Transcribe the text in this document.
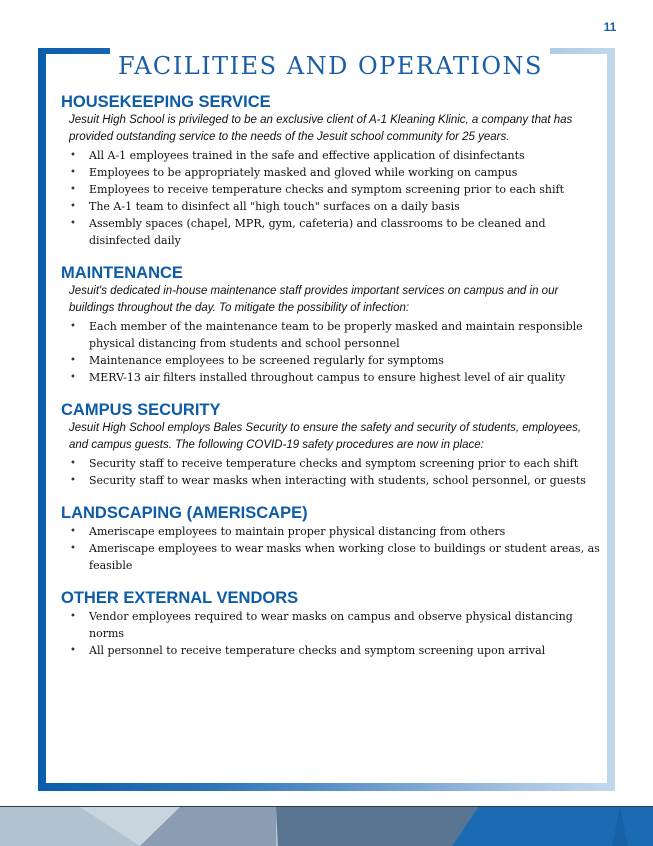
11
FACILITIES AND OPERATIONS
HOUSEKEEPING SERVICE

Jesuit High School is privileged to be an exclusive client of A-1 Kleaning Klinic, a company that has provided outstanding service to the needs of the Jesuit school community for 25 years.

• All A-1 employees trained in the safe and effective application of disinfectants
• Employees to be appropriately masked and gloved while working on campus
• Employees to receive temperature checks and symptom screening prior to each shift
• The A-1 team to disinfect all "high touch" surfaces on a daily basis
• Assembly spaces (chapel, MPR, gym, cafeteria) and classrooms to be cleaned and disinfected daily
MAINTENANCE

Jesuit's dedicated in-house maintenance staff provides important services on campus and in our buildings throughout the day. To mitigate the possibility of infection:

• Each member of the maintenance team to be properly masked and maintain responsible physical distancing from students and school personnel
• Maintenance employees to be screened regularly for symptoms
• MERV-13 air filters installed throughout campus to ensure highest level of air quality
CAMPUS SECURITY

Jesuit High School employs Bales Security to ensure the safety and security of students, employees, and campus guests. The following COVID-19 safety procedures are now in place:

• Security staff to receive temperature checks and symptom screening prior to each shift
• Security staff to wear masks when interacting with students, school personnel, or guests
LANDSCAPING (AMERISCAPE)
• Ameriscape employees to maintain proper physical distancing from others
• Ameriscape employees to wear masks when working close to buildings or student areas, as feasible
OTHER EXTERNAL VENDORS
• Vendor employees required to wear masks on campus and observe physical distancing norms
• All personnel to receive temperature checks and symptom screening upon arrival
